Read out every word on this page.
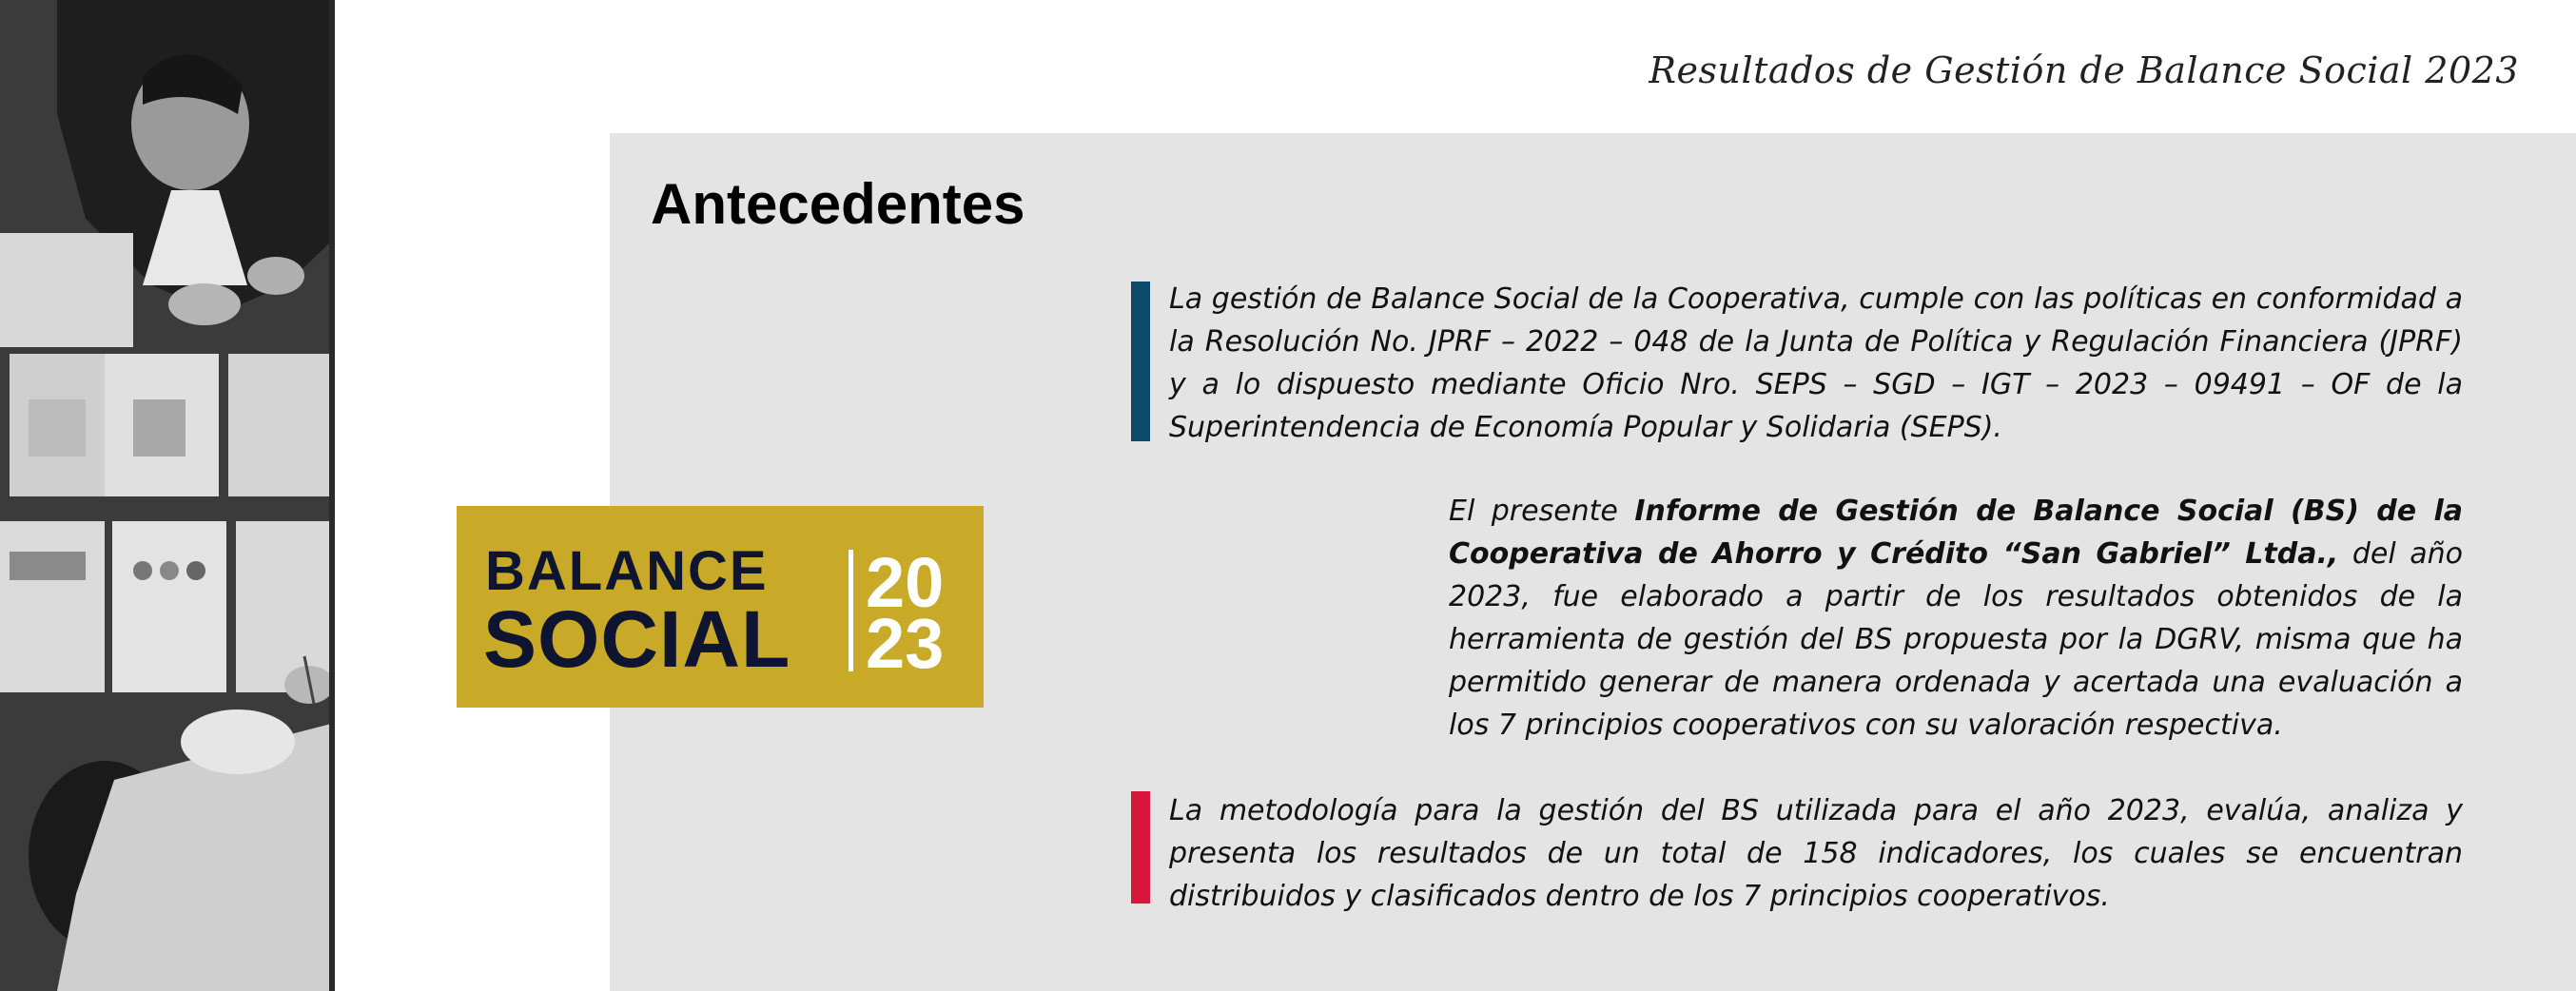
Resultados de Gestión de Balance Social 2023
Antecedentes
BALANCE
SOCIAL
20
23

La gestión de Balance Social de la Cooperativa, cumple con las políticas en conformidad a la Resolución No. JPRF – 2022 – 048 de la Junta de Política y Regulación Financiera (JPRF) y a lo dispuesto mediante Oficio Nro. SEPS – SGD – IGT – 2023 – 09491 – OF de la Superintendencia de Economía Popular y Solidaria (SEPS).

El presente Informe de Gestión de Balance Social (BS) de la Cooperativa de Ahorro y Crédito “San Gabriel” Ltda., del año 2023, fue elaborado a partir de los resultados obtenidos de la herramienta de gestión del BS propuesta por la DGRV, misma que ha permitido generar de manera ordenada y acertada una evaluación a los 7 principios cooperativos con su valoración respectiva.

La metodología para la gestión del BS utilizada para el año 2023, evalúa, analiza y presenta los resultados de un total de 158 indicadores, los cuales se encuentran distribuidos y clasificados dentro de los 7 principios cooperativos.
